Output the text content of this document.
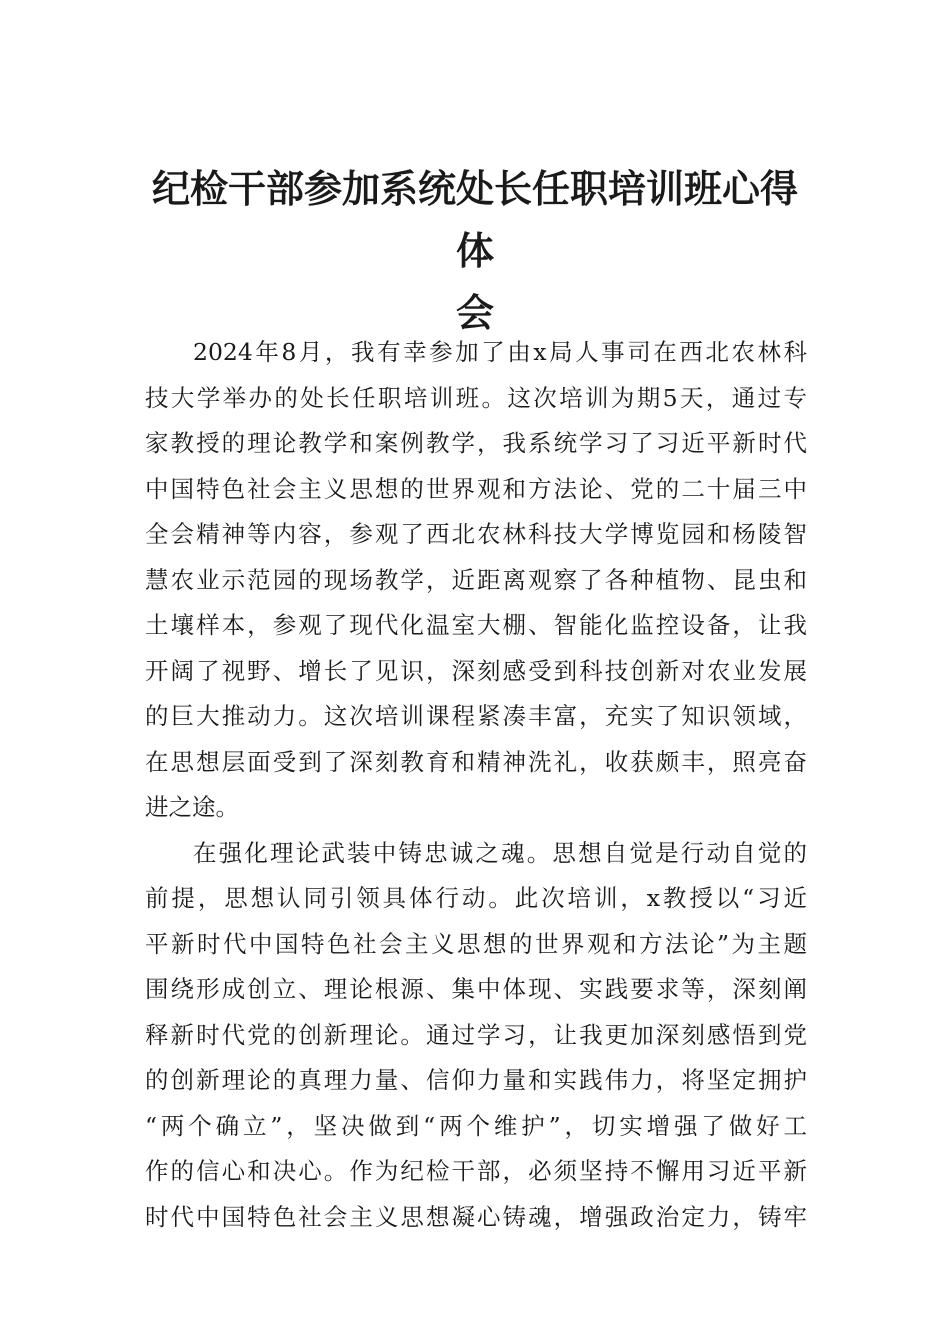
纪检干部参加系统处长任职培训班心得体
会
2024年8月，我有幸参加了由x局人事司在西北农林科
技大学举办的处长任职培训班。这次培训为期5天，通过专
家教授的理论教学和案例教学，我系统学习了习近平新时代
中国特色社会主义思想的世界观和方法论、党的二十届三中
全会精神等内容，参观了西北农林科技大学博览园和杨陵智
慧农业示范园的现场教学，近距离观察了各种植物、昆虫和
土壤样本，参观了现代化温室大棚、智能化监控设备，让我
开阔了视野、增长了见识，深刻感受到科技创新对农业发展
的巨大推动力。这次培训课程紧凑丰富，充实了知识领域，
在思想层面受到了深刻教育和精神洗礼，收获颇丰，照亮奋
进之途。
在强化理论武装中铸忠诚之魂。思想自觉是行动自觉的
前提，思想认同引领具体行动。此次培训，x教授以“习近
平新时代中国特色社会主义思想的世界观和方法论”为主题
围绕形成创立、理论根源、集中体现、实践要求等，深刻阐
释新时代党的创新理论。通过学习，让我更加深刻感悟到党
的创新理论的真理力量、信仰力量和实践伟力，将坚定拥护
“两个确立”，坚决做到“两个维护”，切实增强了做好工
作的信心和决心。作为纪检干部，必须坚持不懈用习近平新
时代中国特色社会主义思想凝心铸魂，增强政治定力，铸牢
